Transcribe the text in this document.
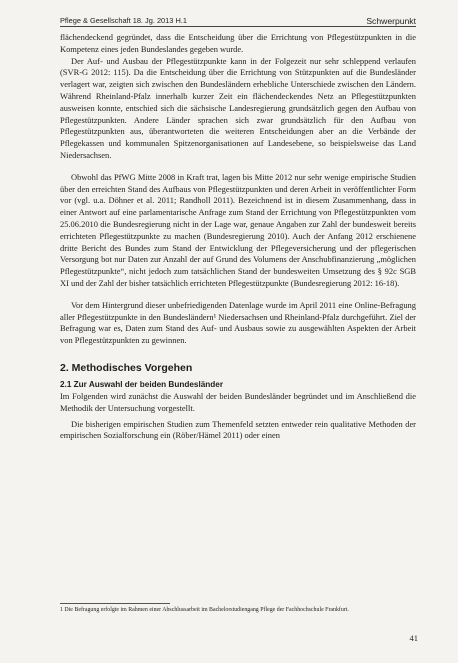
Pflege & Gesellschaft 18. Jg. 2013 H.1	Schwerpunkt

flächendeckend gegründet, dass die Entscheidung über die Errichtung von Pflegestützpunkten in die Kompetenz eines jeden Bundeslandes gegeben wurde.

Der Auf- und Ausbau der Pflegestützpunkte kann in der Folgezeit nur sehr schleppend verlaufen (SVR-G 2012: 115). Da die Entscheidung über die Errichtung von Stützpunkten auf die Bundesländer verlagert war, zeigten sich zwischen den Bundesländern erhebliche Unterschiede zwischen den Ländern. Während Rheinland-Pfalz innerhalb kurzer Zeit ein flächendeckendes Netz an Pflegestützpunkten ausweisen konnte, entschied sich die sächsische Landesregierung grundsätzlich gegen den Aufbau von Pflegestützpunkten. Andere Länder sprachen sich zwar grundsätzlich für den Aufbau von Pflegestützpunkten aus, überantworteten die weiteren Entscheidungen aber an die Verbände der Pflegekassen und kommunalen Spitzenorganisationen auf Landesebene, so beispielsweise das Land Niedersachsen.

Obwohl das PfWG Mitte 2008 in Kraft trat, lagen bis Mitte 2012 nur sehr wenige empirische Studien über den erreichten Stand des Aufbaus von Pflegestützpunkten und deren Arbeit in veröffentlichter Form vor (vgl. u.a. Döhner et al. 2011; Randholl 2011). Bezeichnend ist in diesem Zusammenhang, dass in einer Antwort auf eine parlamentarische Anfrage zum Stand der Errichtung von Pflegestützpunkten vom 25.06.2010 die Bundesregierung nicht in der Lage war, genaue Angaben zur Zahl der bundesweit bereits errichteten Pflegestützpunkte zu machen (Bundesregierung 2010). Auch der Anfang 2012 erschienene dritte Bericht des Bundes zum Stand der Entwicklung der Pflegeversicherung und der pflegerischen Versorgung bot nur Daten zur Anzahl der auf Grund des Volumens der Anschubfinanzierung „möglichen Pflegestützpunkte“, nicht jedoch zum tatsächlichen Stand der bundesweiten Umsetzung des § 92c SGB XI und der Zahl der bisher tatsächlich errichteten Pflegestützpunkte (Bundesregierung 2012: 16-18).

Vor dem Hintergrund dieser unbefriedigenden Datenlage wurde im April 2011 eine Online-Befragung aller Pflegestützpunkte in den Bundesländern¹ Niedersachsen und Rheinland-Pfalz durchgeführt. Ziel der Befragung war es, Daten zum Stand des Auf- und Ausbaus sowie zu ausgewählten Aspekten der Arbeit von Pflegestützpunkten zu gewinnen.

2. Methodisches Vorgehen
2.1 Zur Auswahl der beiden Bundesländer

Im Folgenden wird zunächst die Auswahl der beiden Bundesländer begründet und im Anschließend die Methodik der Untersuchung vorgestellt.

Die bisherigen empirischen Studien zum Themenfeld setzten entweder rein qualitative Methoden der empirischen Sozialforschung ein (Röber/Hämel 2011) oder einen

1 Die Befragung erfolgte im Rahmen einer Abschlussarbeit im Bachelorstudiengang Pflege der Fachhochschule Frankfurt.
41
